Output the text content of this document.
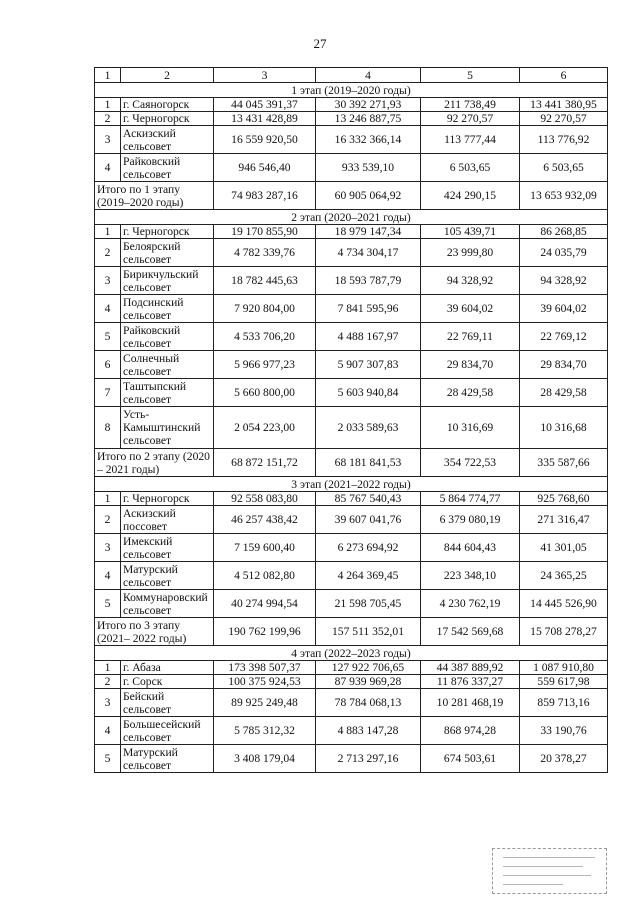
27
1	2	3	4	5	6
1 этап (2019–2020 годы)					
1	г. Саяногорск	44 045 391,37	30 392 271,93	211 738,49	13 441 380,95
2	г. Черногорск	13 431 428,89	13 246 887,75	92 270,57	92 270,57
3	Аскизский сельсовет	16 559 920,50	16 332 366,14	113 777,44	113 776,92
4	Райковский сельсовет	946 546,40	933 539,10	6 503,65	6 503,65
Итого по 1 этапу (2019–2020 годы)		74 983 287,16	60 905 064,92	424 290,15	13 653 932,09
2 этап (2020–2021 годы)					
1	г. Черногорск	19 170 855,90	18 979 147,34	105 439,71	86 268,85
2	Белоярский сельсовет	4 782 339,76	4 734 304,17	23 999,80	24 035,79
3	Бирикчульский сельсовет	18 782 445,63	18 593 787,79	94 328,92	94 328,92
4	Подсинский сельсовет	7 920 804,00	7 841 595,96	39 604,02	39 604,02
5	Райковский сельсовет	4 533 706,20	4 488 167,97	22 769,11	22 769,12
6	Солнечный сельсовет	5 966 977,23	5 907 307,83	29 834,70	29 834,70
7	Таштыпский сельсовет	5 660 800,00	5 603 940,84	28 429,58	28 429,58
8	Усть-Камыштинский сельсовет	2 054 223,00	2 033 589,63	10 316,69	10 316,68
Итого по 2 этапу (2020 – 2021 годы)		68 872 151,72	68 181 841,53	354 722,53	335 587,66
3 этап (2021–2022 годы)					
1	г. Черногорск	92 558 083,80	85 767 540,43	5 864 774,77	925 768,60
2	Аскизский поссовет	46 257 438,42	39 607 041,76	6 379 080,19	271 316,47
3	Имекский сельсовет	7 159 600,40	6 273 694,92	844 604,43	41 301,05
4	Матурский сельсовет	4 512 082,80	4 264 369,45	223 348,10	24 365,25
5	Коммунаровский сельсовет	40 274 994,54	21 598 705,45	4 230 762,19	14 445 526,90
Итого по 3 этапу (2021– 2022 годы)		190 762 199,96	157 511 352,01	17 542 569,68	15 708 278,27
4 этап (2022–2023 годы)					
1	г. Абаза	173 398 507,37	127 922 706,65	44 387 889,92	1 087 910,80
2	г. Сорск	100 375 924,53	87 939 969,28	11 876 337,27	559 617,98
3	Бейский сельсовет	89 925 249,48	78 784 068,13	10 281 468,19	859 713,16
4	Большесейский сельсовет	5 785 312,32	4 883 147,28	868 974,28	33 190,76
5	Матурский сельсовет	3 408 179,04	2 713 297,16	674 503,61	20 378,27
